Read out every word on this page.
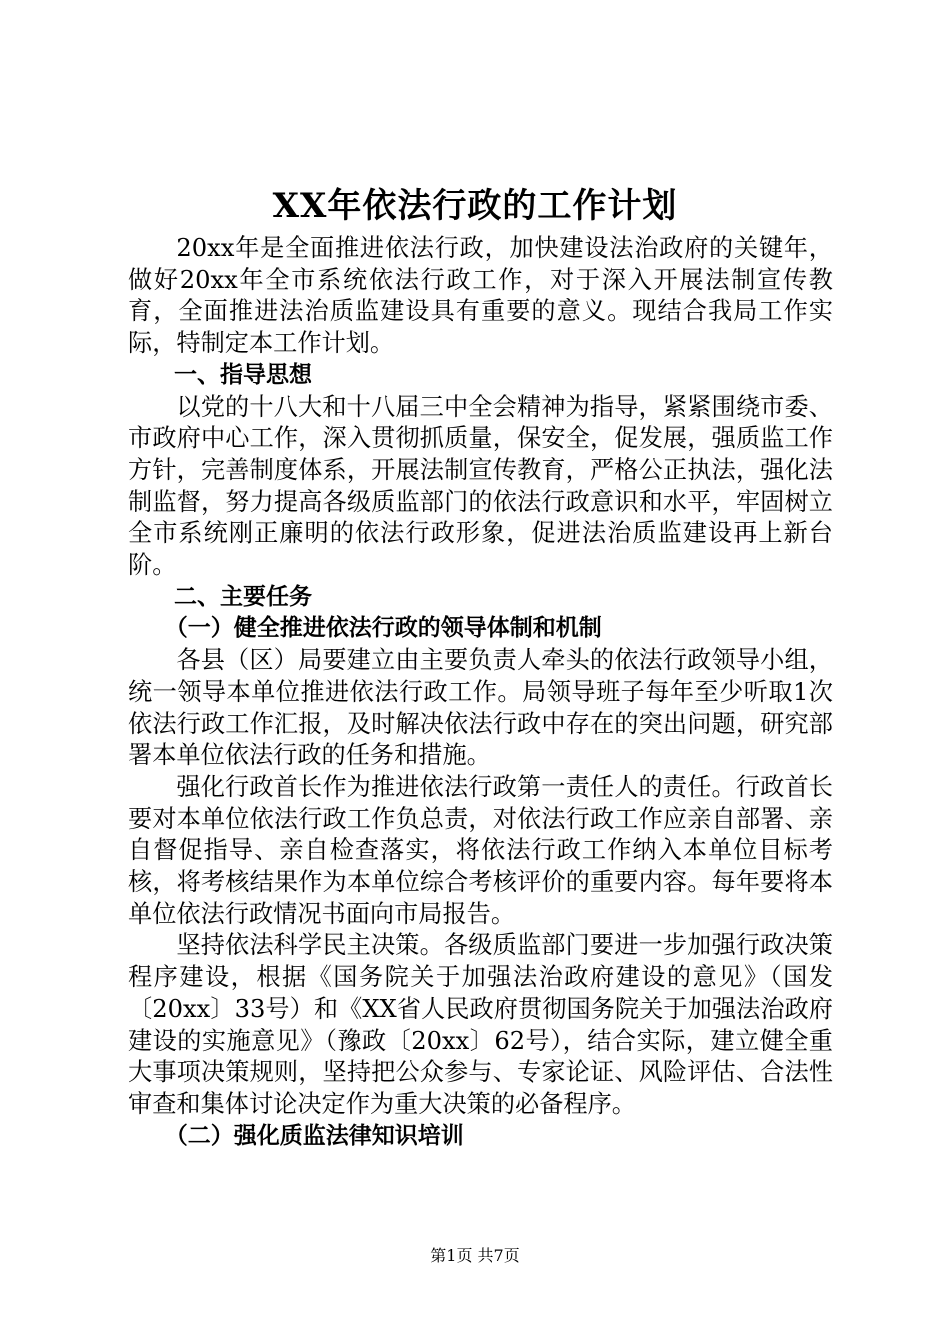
XX年依法行政的工作计划

20xx年是全面推进依法行政，加快建设法治政府的关键年，做好20xx年全市系统依法行政工作，对于深入开展法制宣传教育，全面推进法治质监建设具有重要的意义。现结合我局工作实际，特制定本工作计划。

一、指导思想

以党的十八大和十八届三中全会精神为指导，紧紧围绕市委、市政府中心工作，深入贯彻抓质量，保安全，促发展，强质监工作方针，完善制度体系，开展法制宣传教育，严格公正执法，强化法制监督，努力提高各级质监部门的依法行政意识和水平，牢固树立全市系统刚正廉明的依法行政形象，促进法治质监建设再上新台阶。

二、主要任务

（一）健全推进依法行政的领导体制和机制

各县（区）局要建立由主要负责人牵头的依法行政领导小组，统一领导本单位推进依法行政工作。局领导班子每年至少听取1次依法行政工作汇报，及时解决依法行政中存在的突出问题，研究部署本单位依法行政的任务和措施。

强化行政首长作为推进依法行政第一责任人的责任。行政首长要对本单位依法行政工作负总责，对依法行政工作应亲自部署、亲自督促指导、亲自检查落实，将依法行政工作纳入本单位目标考核，将考核结果作为本单位综合考核评价的重要内容。每年要将本单位依法行政情况书面向市局报告。

坚持依法科学民主决策。各级质监部门要进一步加强行政决策程序建设，根据《国务院关于加强法治政府建设的意见》（国发〔20xx〕33号）和《XX省人民政府贯彻国务院关于加强法治政府建设的实施意见》（豫政〔20xx〕62号），结合实际，建立健全重大事项决策规则，坚持把公众参与、专家论证、风险评估、合法性审查和集体讨论决定作为重大决策的必备程序。

（二）强化质监法律知识培训

第1页 共7页
